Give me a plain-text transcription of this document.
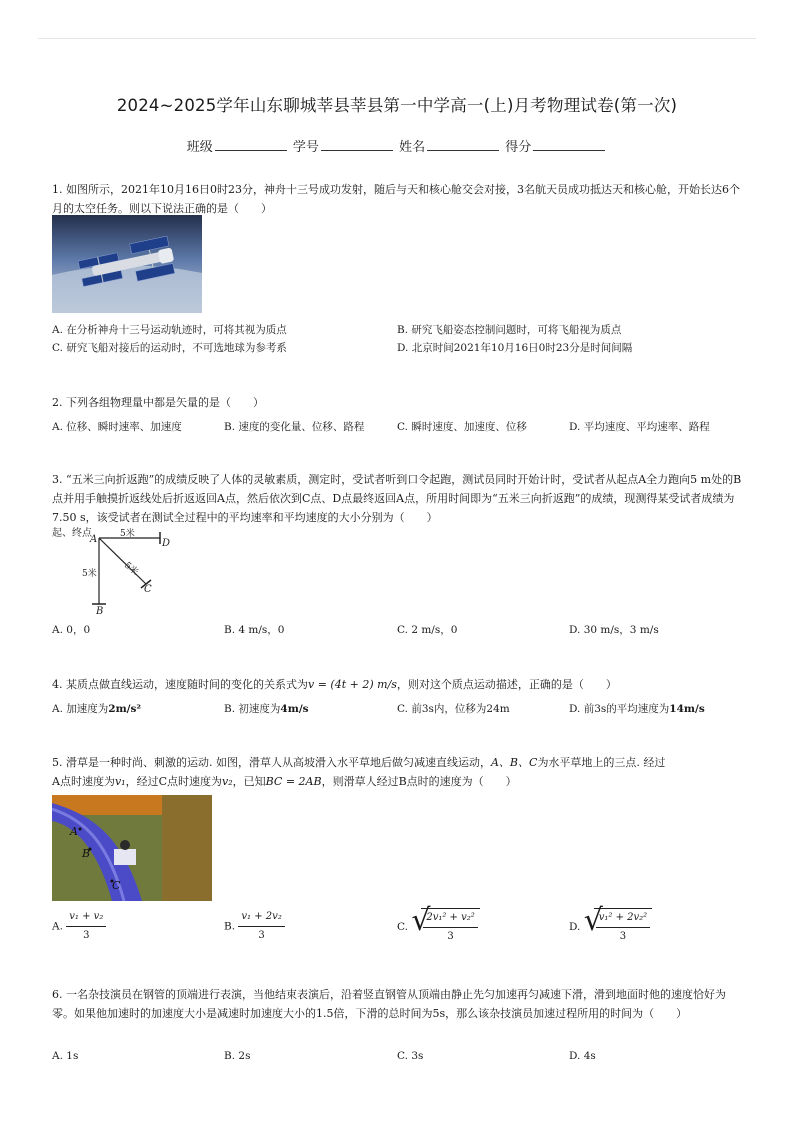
2024~2025学年山东聊城莘县莘县第一中学高一(上)月考物理试卷(第一次)
班级	学号	姓名	得分

1. 如图所示，2021年10月16日0时23分，神舟十三号成功发射，随后与天和核心舱交会对接，3名航天员成功抵达天和核心舱，开始长达6个月的太空任务。则以下说法正确的是（　　）

A. 在分析神舟十三号运动轨迹时，可将其视为质点	B. 研究飞船姿态控制问题时，可将飞船视为质点
C. 研究飞船对接后的运动时，不可选地球为参考系	D. 北京时间2021年10月16日0时23分是时间间隔

2. 下列各组物理量中都是矢量的是（　　）

A. 位移、瞬时速率、加速度	B. 速度的变化量、位移、路程	C. 瞬时速度、加速度、位移	D. 平均速度、平均速率、路程

3. “五米三向折返跑”的成绩反映了人体的灵敏素质，测定时，受试者听到口令起跑，测试员同时开始计时，受试者从起点A全力跑向5 m处的B点并用手触摸折返线处后折返返回A点，然后依次到C点、D点最终返回A点，所用时间即为“五米三向折返跑”的成绩，现测得某受试者成绩为7.50 s，该受试者在测试全过程中的平均速率和平均速度的大小分别为（　　）

起、终点
A	D
B
C
5米
5米	5米
A. 0，0	B. 4 m/s，0	C. 2 m/s，0	D. 30 m/s，3 m/s

4. 某质点做直线运动，速度随时间的变化的关系式为v = (4t + 2) m/s，则对这个质点运动描述，正确的是（　　）

A. 加速度为2m/s²	B. 初速度为4m/s	C. 前3s内，位移为24m	D. 前3s的平均速度为14m/s

5. 滑草是一种时尚、刺激的运动. 如图，滑草人从高坡滑入水平草地后做匀减速直线运动，A、B、C为水平草地上的三点. 经过
A点时速度为v₁，经过C点时速度为v₂，已知BC = 2AB，则滑草人经过B点时的速度为（　　）

A
B
C
A. $\frac{\text{v₁ + v₂}}{3}$	B. $\frac{\text{v₁ + 2v₂}}{3}$	C. √
$\frac{\text{2v₁² + v₂²}}{3}$	D. √
$\frac{\text{v₁² + 2v₂²}}{3}$

6. 一名杂技演员在钢管的顶端进行表演，当他结束表演后，沿着竖直钢管从顶端由静止先匀加速再匀减速下滑，滑到地面时他的速度恰好为零。如果他加速时的加速度大小是减速时加速度大小的1.5倍，下滑的总时间为5s，那么该杂技演员加速过程所用的时间为（　　）

A. 1s	B. 2s	C. 3s	D. 4s
